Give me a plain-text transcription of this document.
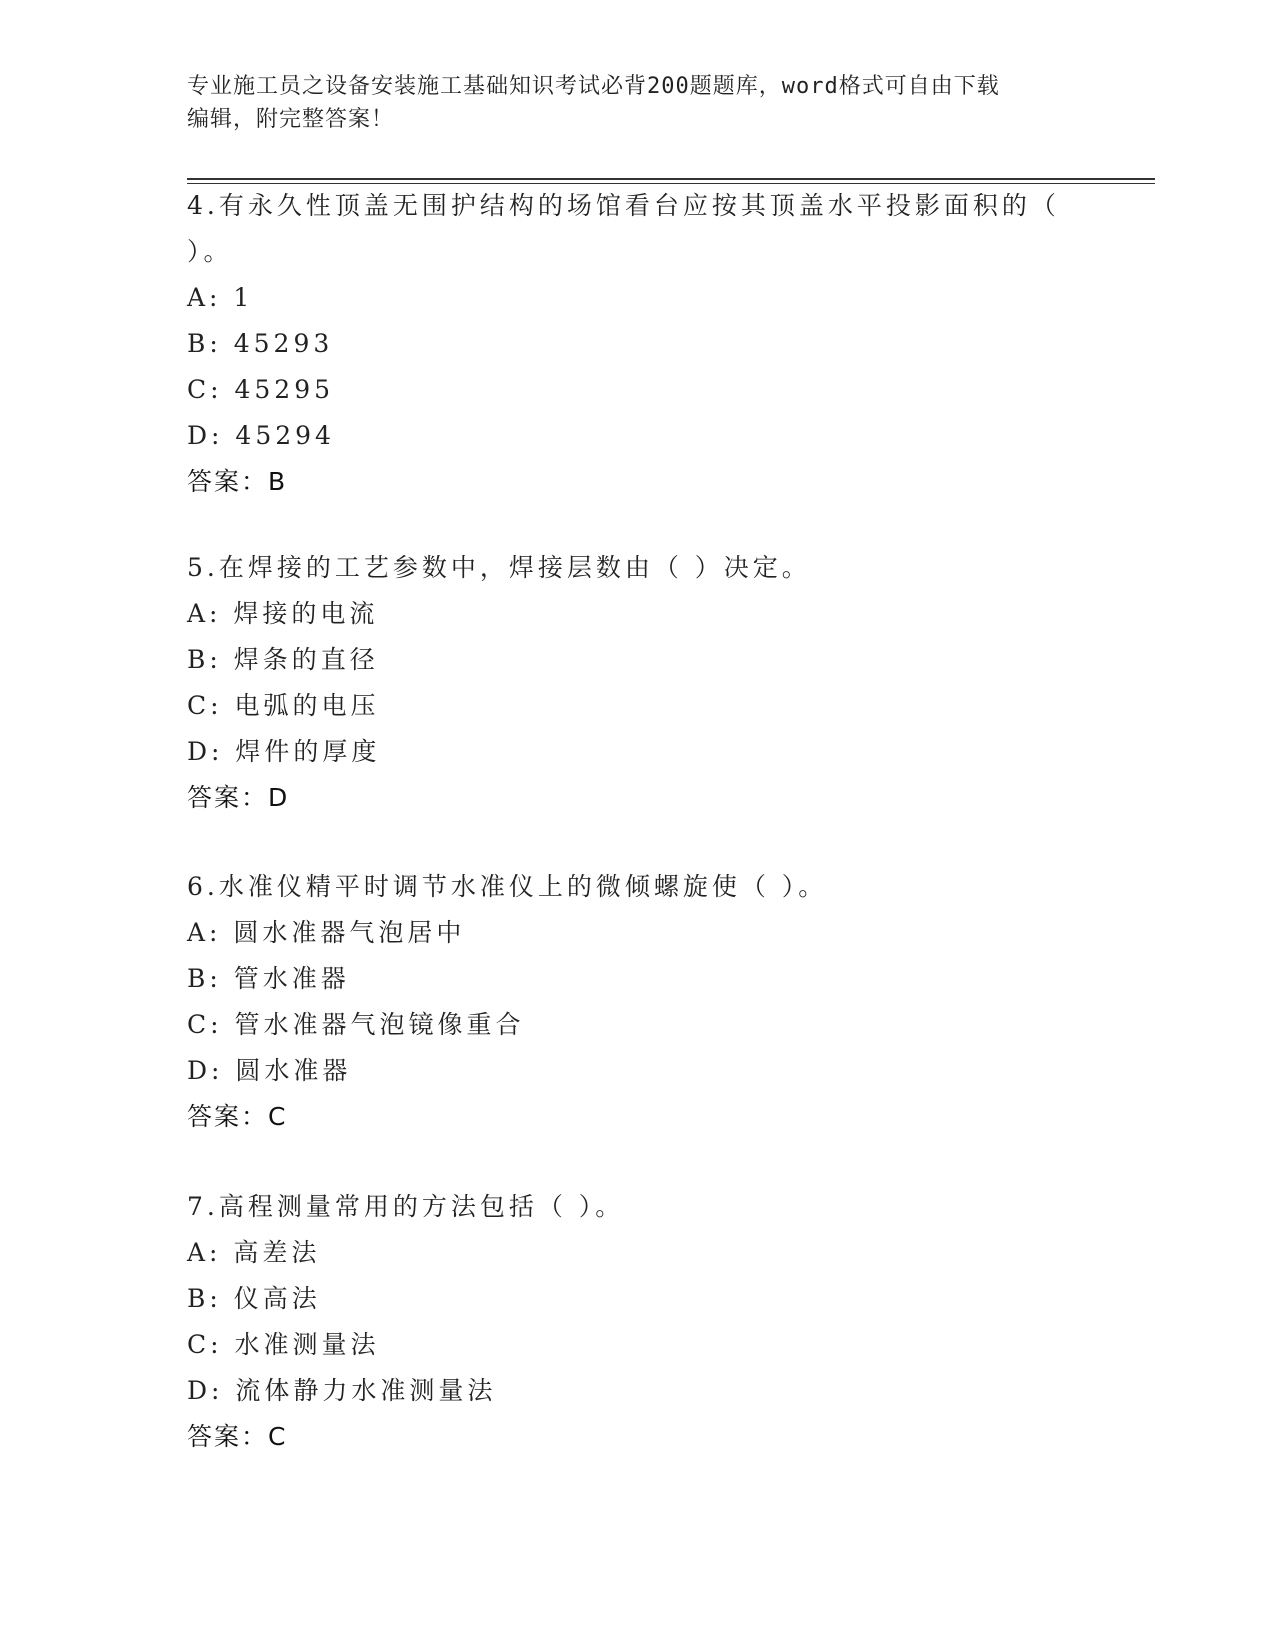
专业施工员之设备安装施工基础知识考试必背200题题库，word格式可自由下载
编辑，附完整答案！
4.有永久性顶盖无围护结构的场馆看台应按其顶盖水平投影面积的（
）。
A: 1
B: 45293
C: 45295
D: 45294
答案：B
5.在焊接的工艺参数中，焊接层数由（ ）决定。
A: 焊接的电流
B: 焊条的直径
C: 电弧的电压
D: 焊件的厚度
答案：D
6.水准仪精平时调节水准仪上的微倾螺旋使（ ）。
A: 圆水准器气泡居中
B: 管水准器
C: 管水准器气泡镜像重合
D: 圆水准器
答案：C
7.高程测量常用的方法包括（ ）。
A: 高差法
B: 仪高法
C: 水准测量法
D: 流体静力水准测量法
答案：C
